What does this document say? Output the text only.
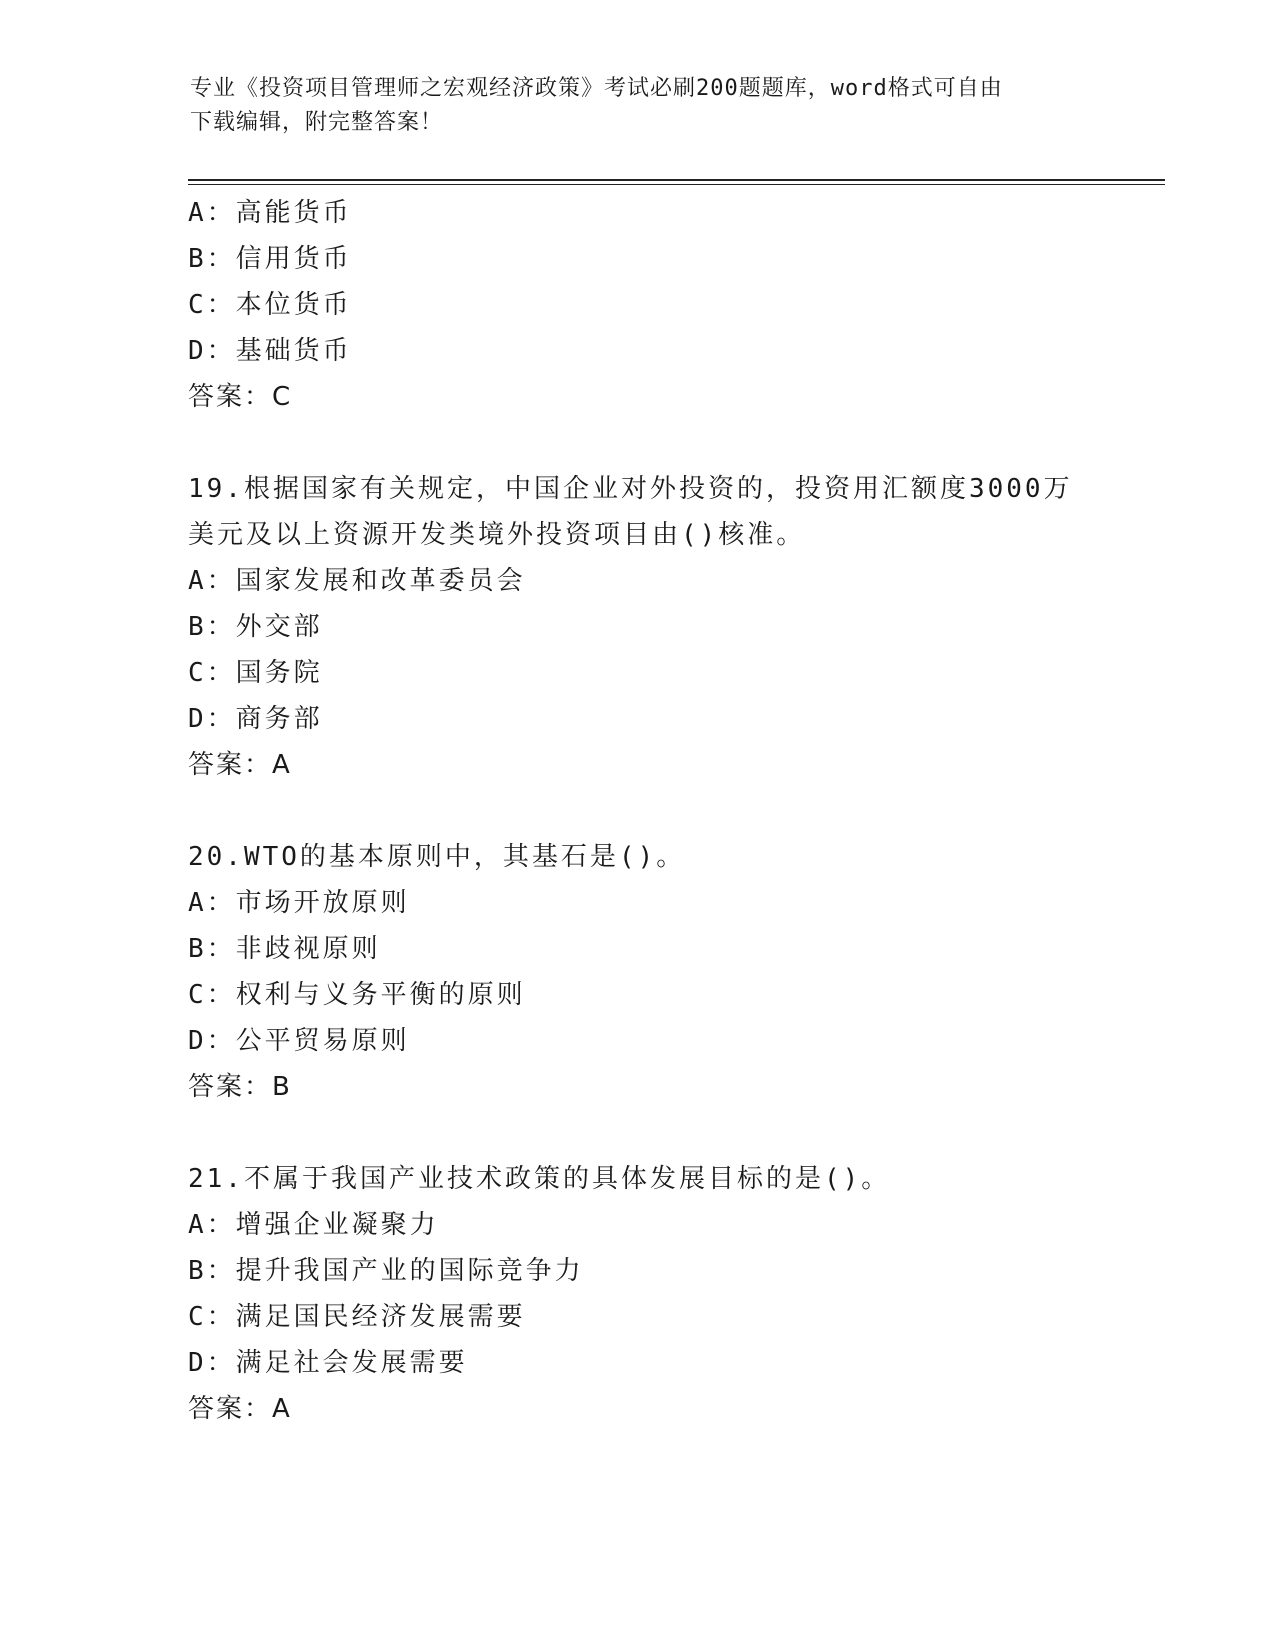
专业《投资项目管理师之宏观经济政策》考试必刷200题题库，word格式可自由
下载编辑，附完整答案！
A：高能货币
B：信用货币
C：本位货币
D：基础货币
答案：C
19.根据国家有关规定，中国企业对外投资的，投资用汇额度3000万
美元及以上资源开发类境外投资项目由()核准。
A：国家发展和改革委员会
B：外交部
C：国务院
D：商务部
答案：A
20.WTO的基本原则中，其基石是()。
A：市场开放原则
B：非歧视原则
C：权利与义务平衡的原则
D：公平贸易原则
答案：B
21.不属于我国产业技术政策的具体发展目标的是()。
A：增强企业凝聚力
B：提升我国产业的国际竞争力
C：满足国民经济发展需要
D：满足社会发展需要
答案：A
